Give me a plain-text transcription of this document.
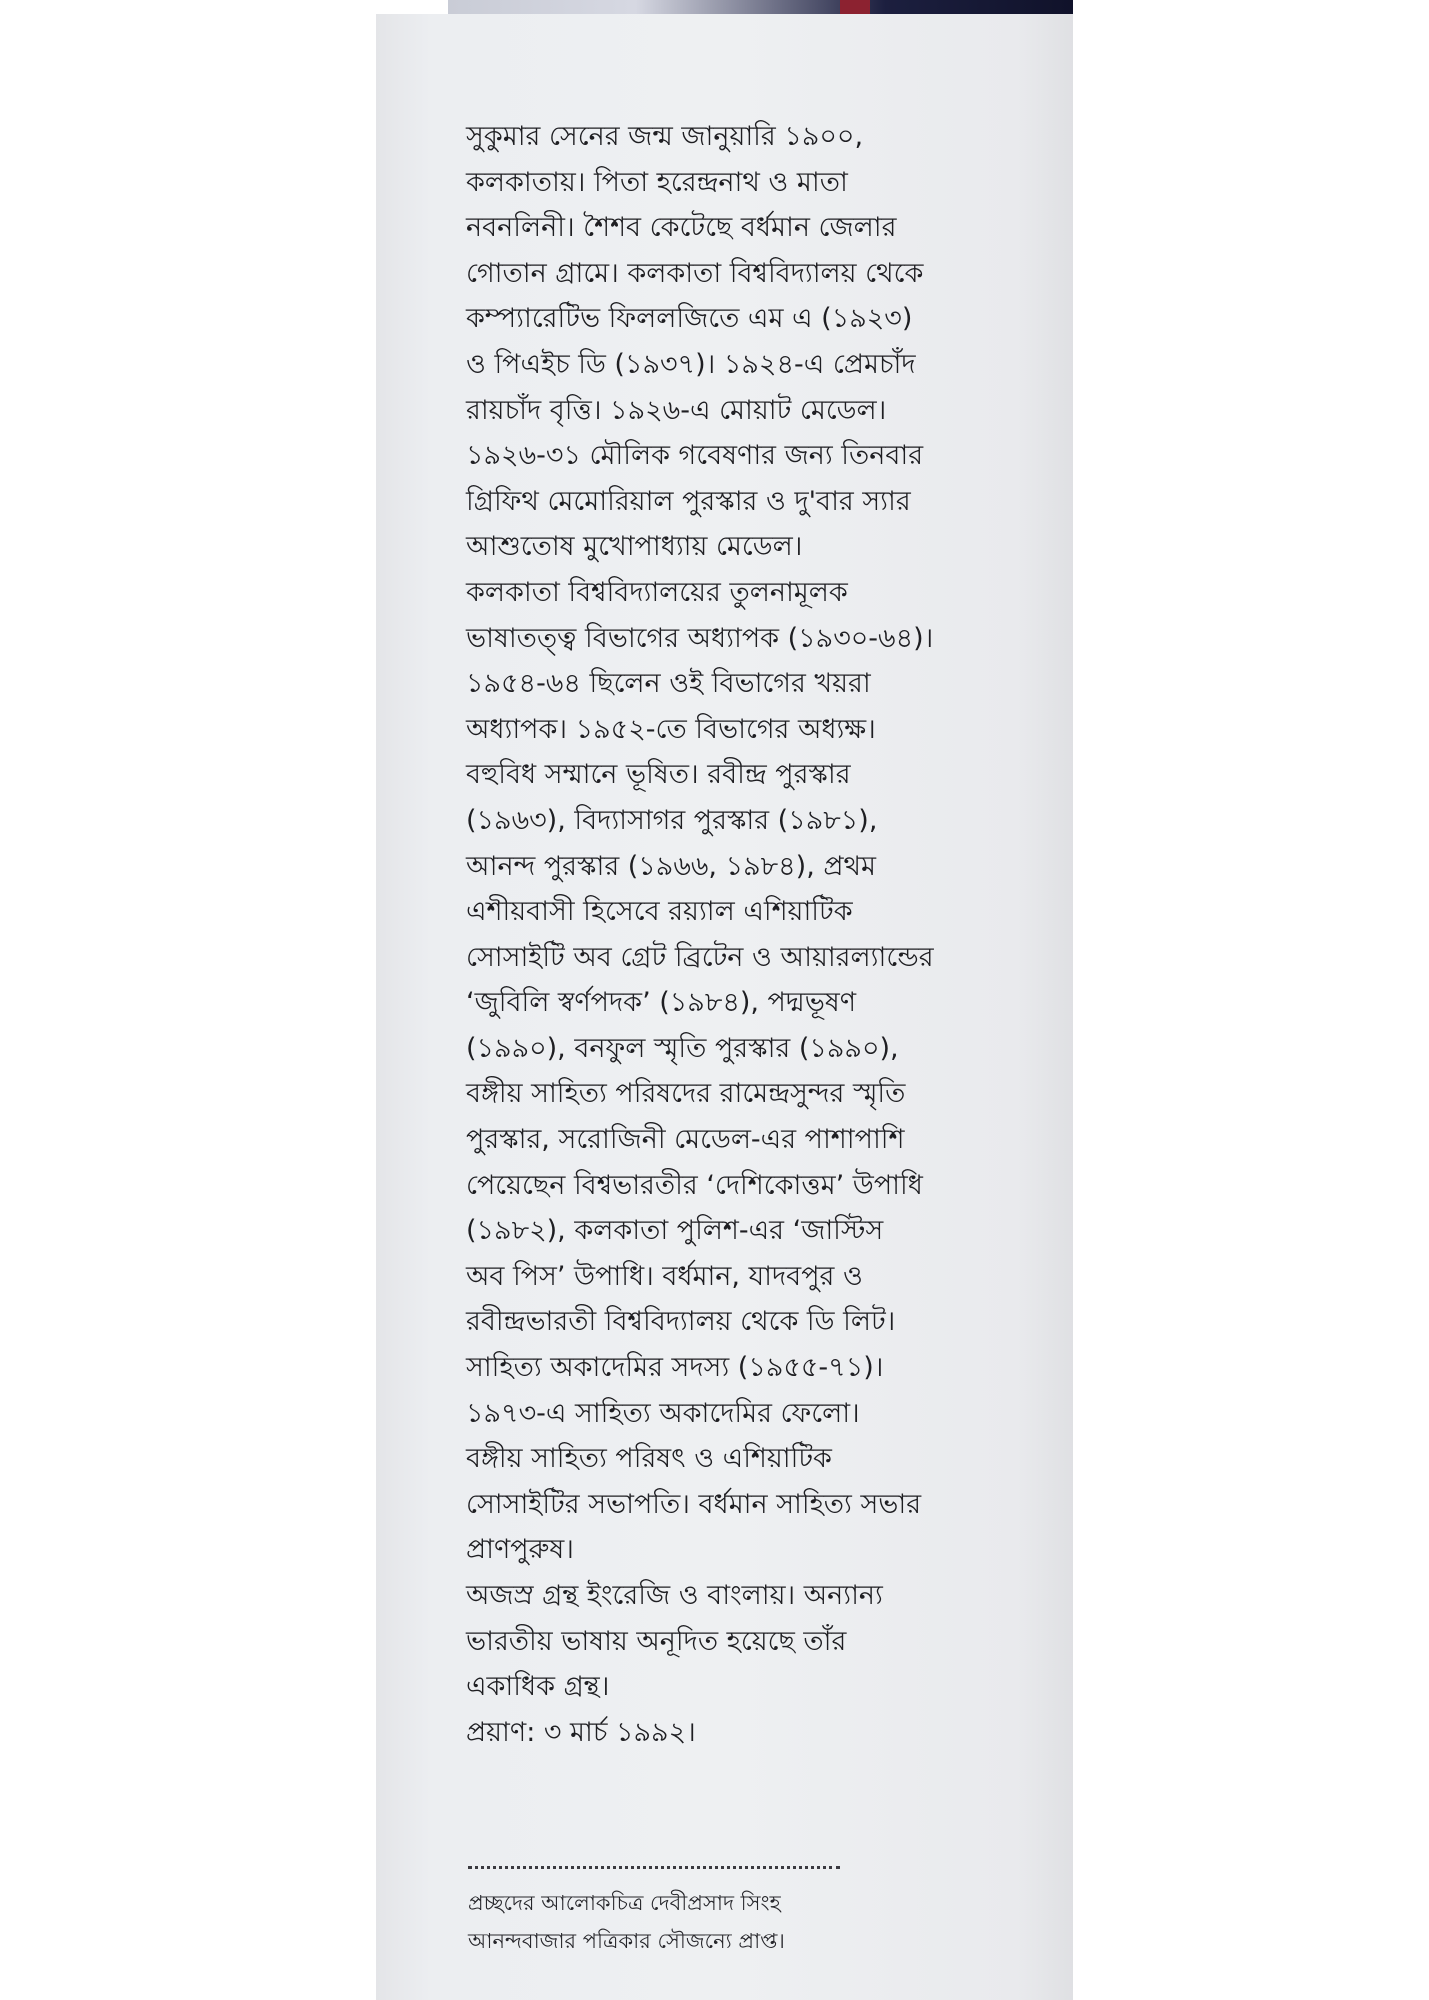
সুকুমার সেনের জন্ম জানুয়ারি ১৯০০,
কলকাতায়। পিতা হরেন্দ্রনাথ ও মাতা
নবনলিনী। শৈশব কেটেছে বর্ধমান জেলার
গোতান গ্রামে। কলকাতা বিশ্ববিদ্যালয় থেকে
কম্প্যারেটিভ ফিললজিতে এম এ (১৯২৩)
ও পিএইচ ডি (১৯৩৭)। ১৯২৪-এ প্রেমচাঁদ
রায়চাঁদ বৃত্তি। ১৯২৬-এ মোয়াট মেডেল।
১৯২৬-৩১ মৌলিক গবেষণার জন্য তিনবার
গ্রিফিথ মেমোরিয়াল পুরস্কার ও দু'বার স্যার
আশুতোষ মুখোপাধ্যায় মেডেল।
কলকাতা বিশ্ববিদ্যালয়ের তুলনামূলক
ভাষাতত্ত্ব বিভাগের অধ্যাপক (১৯৩০-৬৪)।
১৯৫৪-৬৪ ছিলেন ওই বিভাগের খয়রা
অধ্যাপক। ১৯৫২-তে বিভাগের অধ্যক্ষ।
বহুবিধ সম্মানে ভূষিত। রবীন্দ্র পুরস্কার
(১৯৬৩), বিদ্যাসাগর পুরস্কার (১৯৮১),
আনন্দ পুরস্কার (১৯৬৬, ১৯৮৪), প্রথম
এশীয়বাসী হিসেবে রয়্যাল এশিয়াটিক
সোসাইটি অব গ্রেট ব্রিটেন ও আয়ারল্যান্ডের
‘জুবিলি স্বর্ণপদক’ (১৯৮৪), পদ্মভূষণ
(১৯৯০), বনফুল স্মৃতি পুরস্কার (১৯৯০),
বঙ্গীয় সাহিত্য পরিষদের রামেন্দ্রসুন্দর স্মৃতি
পুরস্কার, সরোজিনী মেডেল-এর পাশাপাশি
পেয়েছেন বিশ্বভারতীর ‘দেশিকোত্তম’ উপাধি
(১৯৮২), কলকাতা পুলিশ-এর ‘জাস্টিস
অব পিস’ উপাধি। বর্ধমান, যাদবপুর ও
রবীন্দ্রভারতী বিশ্ববিদ্যালয় থেকে ডি লিট।
সাহিত্য অকাদেমির সদস্য (১৯৫৫-৭১)।
১৯৭৩-এ সাহিত্য অকাদেমির ফেলো।
বঙ্গীয় সাহিত্য পরিষৎ ও এশিয়াটিক
সোসাইটির সভাপতি। বর্ধমান সাহিত্য সভার
প্রাণপুরুষ।
অজস্র গ্রন্থ ইংরেজি ও বাংলায়। অন্যান্য
ভারতীয় ভাষায় অনূদিত হয়েছে তাঁর
একাধিক গ্রন্থ।
প্রয়াণ: ৩ মার্চ ১৯৯২।
প্রচ্ছদের আলোকচিত্র দেবীপ্রসাদ সিংহ
আনন্দবাজার পত্রিকার সৌজন্যে প্রাপ্ত।
